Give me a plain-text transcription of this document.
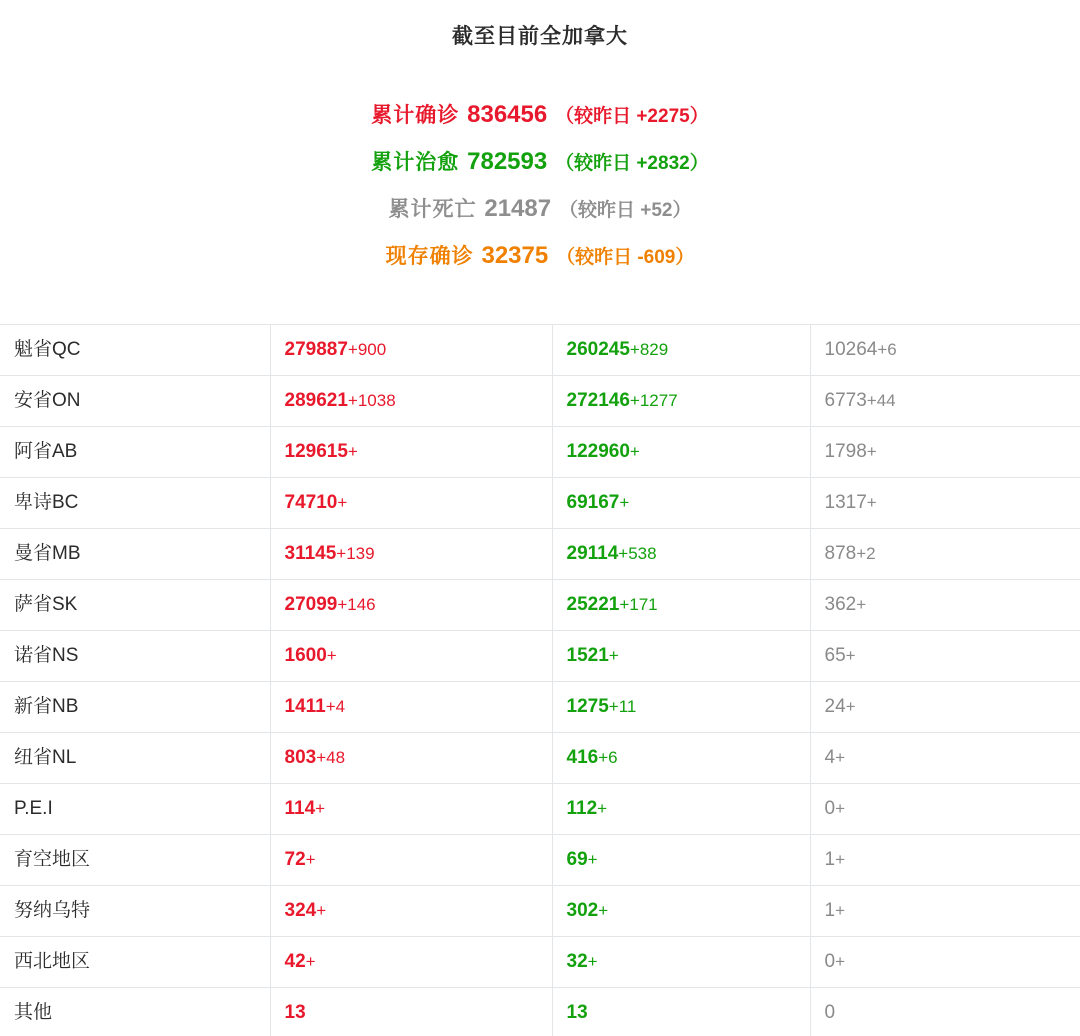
截至目前全加拿大
累计确诊 836456 （较昨日 +2275）
累计治愈 782593 （较昨日 +2832）
累计死亡 21487 （较昨日 +52）
现存确诊 32375 （较昨日 -609）
魁省QC	279887+900	260245+829	10264+6
安省ON	289621+1038	272146+1277	6773+44
阿省AB	129615+	122960+	1798+
卑诗BC	74710+	69167+	1317+
曼省MB	31145+139	29114+538	878+2
萨省SK	27099+146	25221+171	362+
诺省NS	1600+	1521+	65+
新省NB	1411+4	1275+11	24+
纽省NL	803+48	416+6	4+
P.E.I	114+	112+	0+
育空地区	72+	69+	1+
努纳乌特	324+	302+	1+
西北地区	42+	32+	0+
其他	13	13	0
